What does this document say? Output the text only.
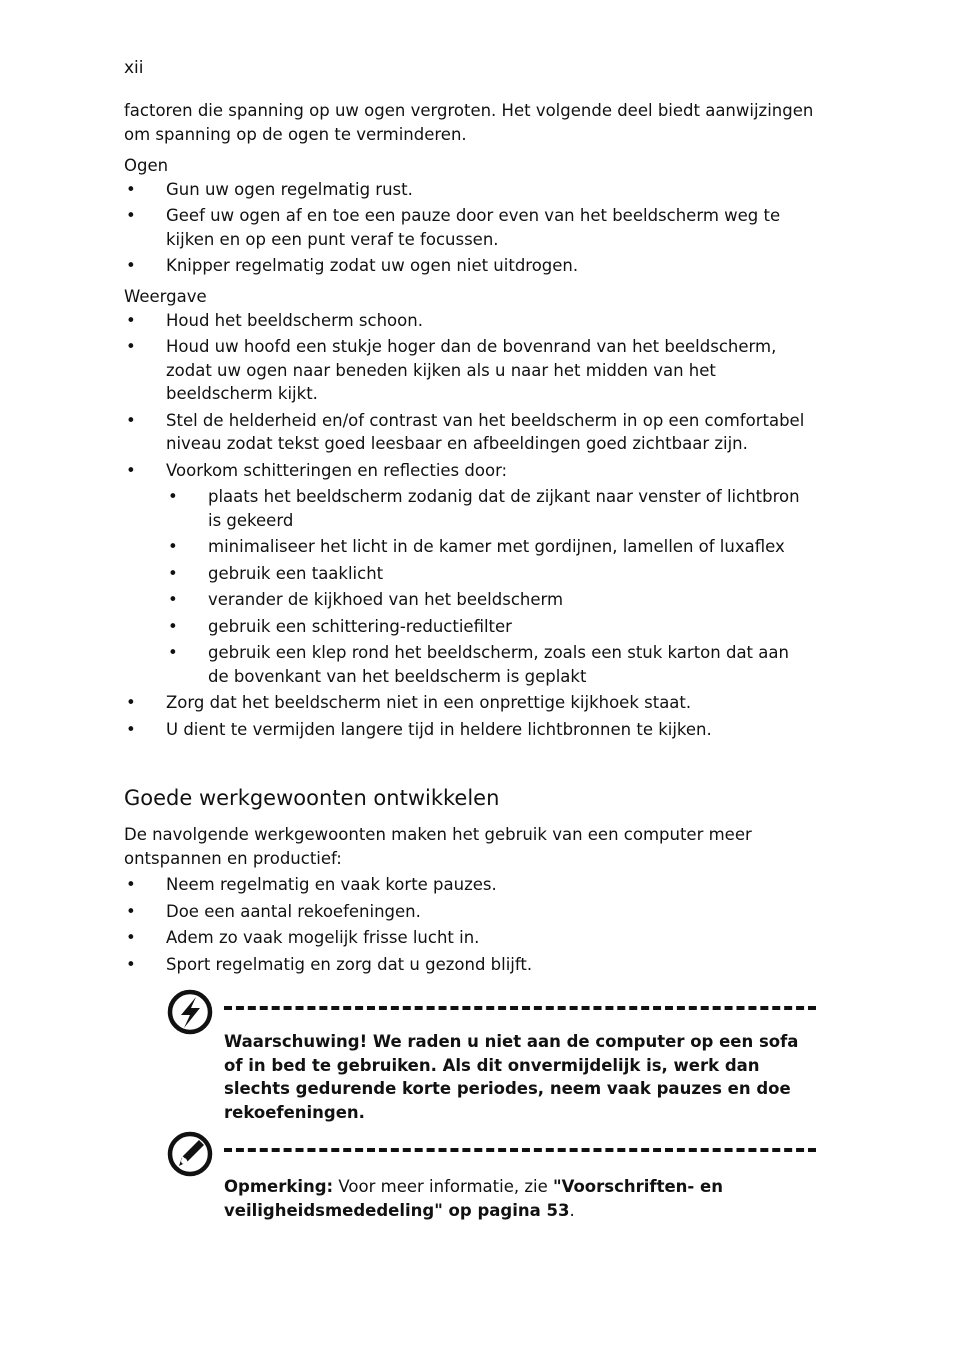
xii

factoren die spanning op uw ogen vergroten. Het volgende deel biedt aanwijzingen om spanning op de ogen te verminderen.

Ogen

• Gun uw ogen regelmatig rust.
• Geef uw ogen af en toe een pauze door even van het beeldscherm weg te kijken en op een punt veraf te focussen.
• Knipper regelmatig zodat uw ogen niet uitdrogen.

Weergave

• Houd het beeldscherm schoon.
• Houd uw hoofd een stukje hoger dan de bovenrand van het beeldscherm, zodat uw ogen naar beneden kijken als u naar het midden van het beeldscherm kijkt.
• Stel de helderheid en/of contrast van het beeldscherm in op een comfortabel niveau zodat tekst goed leesbaar en afbeeldingen goed zichtbaar zijn.
• Voorkom schitteringen en reflecties door:
• plaats het beeldscherm zodanig dat de zijkant naar venster of lichtbron is gekeerd
• minimaliseer het licht in de kamer met gordijnen, lamellen of luxaflex
• gebruik een taaklicht
• verander de kijkhoed van het beeldscherm
• gebruik een schittering-reductiefilter
• gebruik een klep rond het beeldscherm, zoals een stuk karton dat aan de bovenkant van het beeldscherm is geplakt
• Zorg dat het beeldscherm niet in een onprettige kijkhoek staat.
• U dient te vermijden langere tijd in heldere lichtbronnen te kijken.
Goede werkgewoonten ontwikkelen

De navolgende werkgewoonten maken het gebruik van een computer meer ontspannen en productief:

• Neem regelmatig en vaak korte pauzes.
• Doe een aantal rekoefeningen.
• Adem zo vaak mogelijk frisse lucht in.
• Sport regelmatig en zorg dat u gezond blijft.
Waarschuwing! We raden u niet aan de computer op een sofa of in bed te gebruiken. Als dit onvermijdelijk is, werk dan slechts gedurende korte periodes, neem vaak pauzes en doe rekoefeningen.
Opmerking: Voor meer informatie, zie "Voorschriften- en veiligheidsmededeling" op pagina 53.
